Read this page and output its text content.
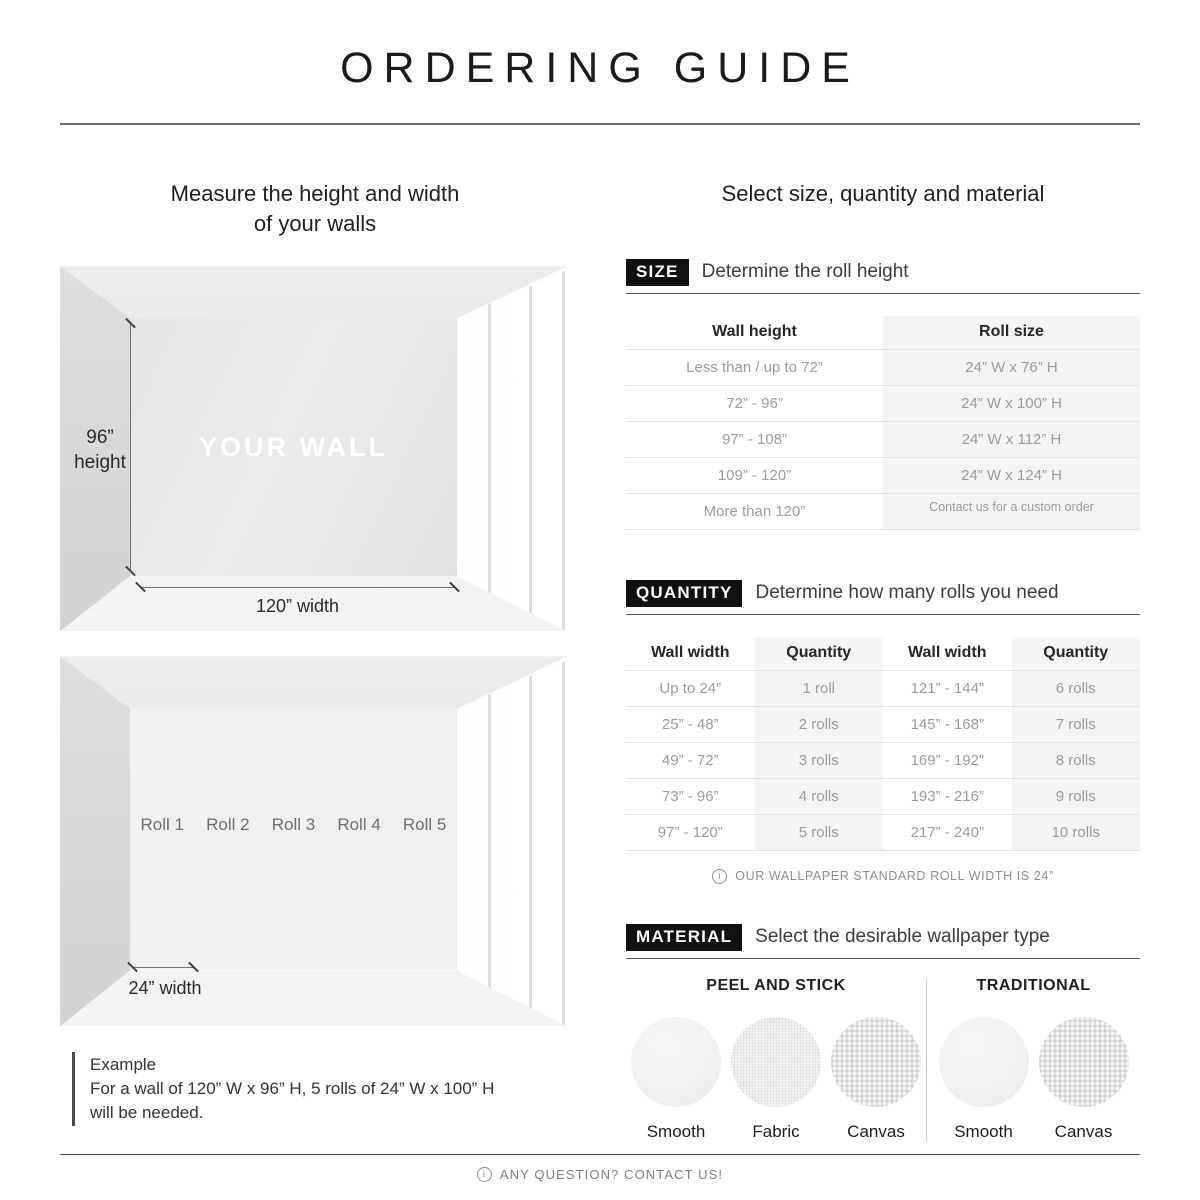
ORDERING GUIDE
Measure the height and width
of your walls
YOUR WALL
96”
height
120” width
Roll 1	Roll 2	Roll 3	Roll 4	Roll 5
24” width
Example
For a wall of 120” W x 96” H, 5 rolls of 24” W x 100” H
will be needed.
Select size, quantity and material
SIZE	Determine the roll height
Wall height	Roll size
Less than / up to 72”	24” W x 76” H
72” - 96”	24” W x 100” H
97” - 108”	24” W x 112” H
109” - 120”	24” W x 124” H
More than 120”	Contact us for a custom order
QUANTITY	Determine how many rolls you need
Wall width	Quantity	Wall width	Quantity
Up to 24”	1 roll	121” - 144”	6 rolls
25” - 48”	2 rolls	145” - 168”	7 rolls
49” - 72”	3 rolls	169” - 192”	8 rolls
73” - 96”	4 rolls	193” - 216”	9 rolls
97” - 120”	5 rolls	217” - 240”	10 rolls
i	OUR WALLPAPER STANDARD ROLL WIDTH IS 24”
MATERIAL	Select the desirable wallpaper type
PEEL AND STICK
Smooth	Fabric	Canvas
TRADITIONAL
Smooth Canvas
i	ANY QUESTION? CONTACT US!
